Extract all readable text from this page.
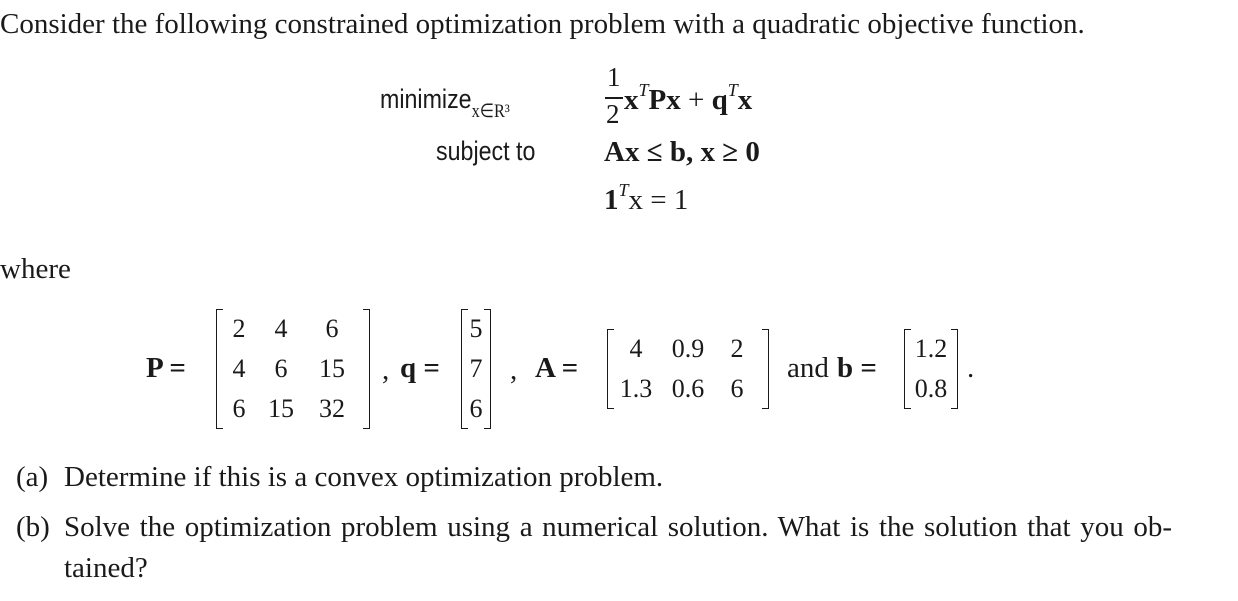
Consider the following constrained optimization problem with a quadratic objective function.
minimize$_{x\in R^3}$
1
2 $x^TPx + q^Tx$
subject to Ax ≤ b, x ≥ 0
$1^Tx = 1$
where
P =
2	4	6
4	6	15
6 15 32
, q =
5
7
6
, A =
4	0.9	2
1.3 0.6	6
and b =
1.2
0.8
.
(a) Determine if this is a convex optimization problem.
(b) Solve the optimization problem using a numerical solution. What is the solution that you ob-
tained?
